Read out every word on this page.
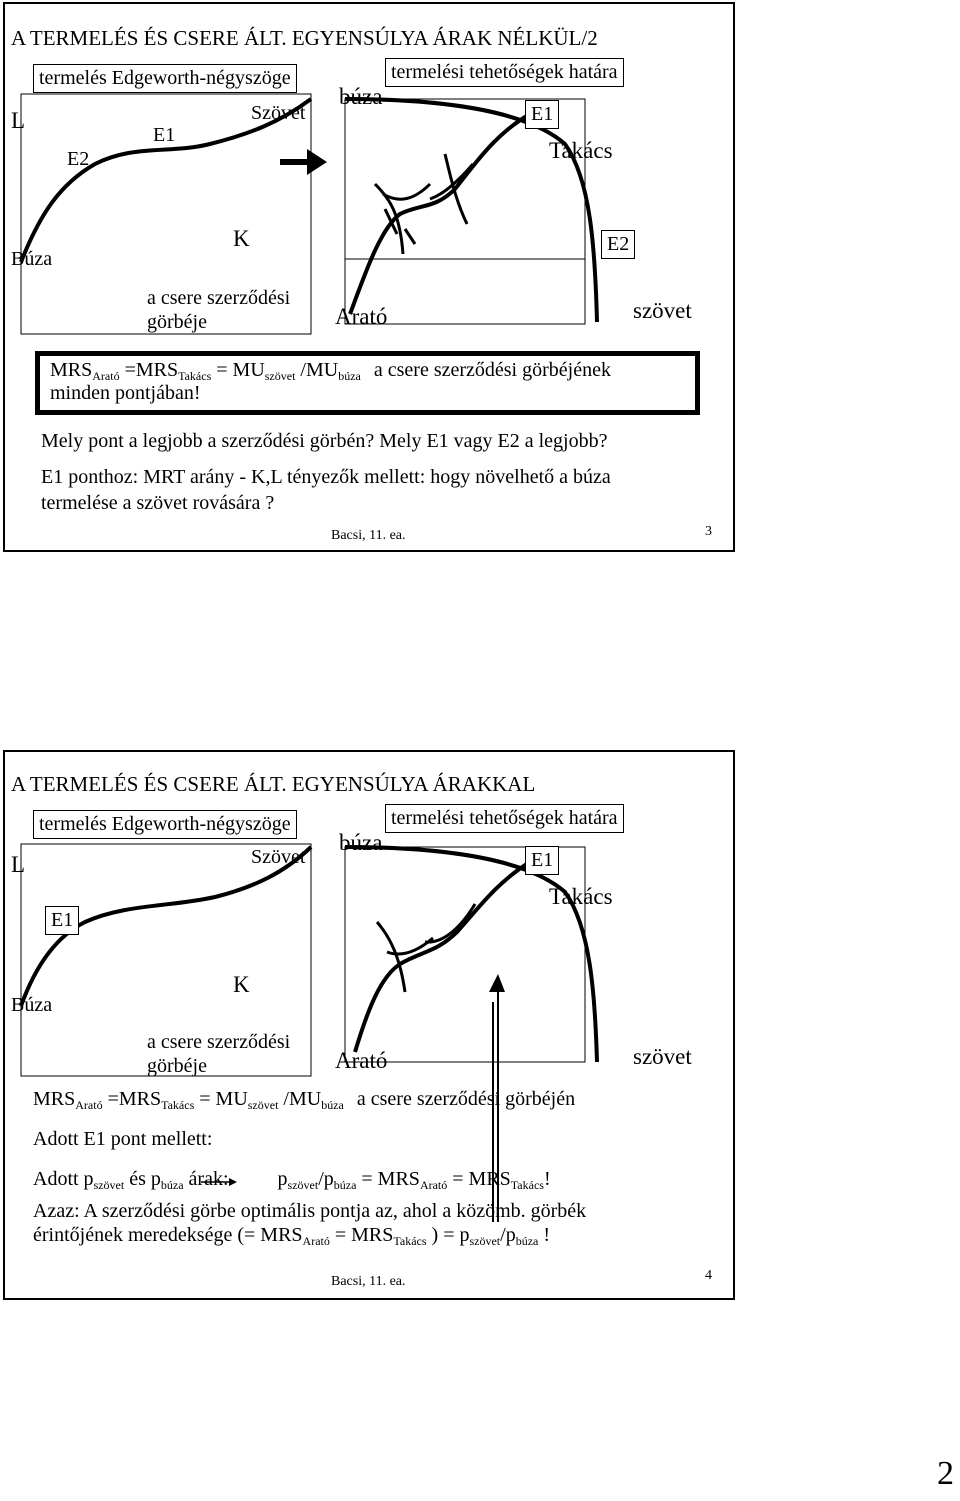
A TERMELÉS ÉS CSERE ÁLT. EGYENSÚLYA ÁRAK NÉLKÜL/2
termelés Edgeworth-négyszöge	termelési tehetőségek határa
L	Szövet
búza
E1
E1
E2	Takács
K
Búza
E2
a csere szerződési
görbéje	Arató	szövet
$MRS_{Arató} =MRS_{Takács} = MU_{szövet}$ $/MU_{búza}$ a csere szerződési görbéjének
minden pontjában!
Mely pont a legjobb a szerződési görbén? Mely E1 vagy E2 a legjobb?
E1 ponthoz: MRT arány - K,L tényezők mellett: hogy növelhető a búza
termelése a szövet rovására ?
Bacsi, 11. ea.	3
A TERMELÉS ÉS CSERE ÁLT. EGYENSÚLYA ÁRAKKAL
termelés Edgeworth-négyszöge	termelési tehetőségek határa
L	Szövet
búza
E1
E1
Takács
K
Búza
a csere szerződési
görbéje	Arató	szövet
$MRS_{Arató} =MRS_{Takács} = MU_{szövet}$ $/MU_{búza}$ a csere szerződési görbéjén
Adott E1 pont mellett:
Adott $p_{szövet}$ és $p_{búza}$ árak: $p_{szövet}/p_{búza} = MRS_{Arató} = MRS_{Takács}$!
Azaz: A szerződési görbe optimális pontja az, ahol a közömb. görbék
érintőjének meredeksége (= $MRS_{Arató} = MRS_{Takács}$ ) = $p_{szövet}/p_{búza}$ !
Bacsi, 11. ea.	4
2
